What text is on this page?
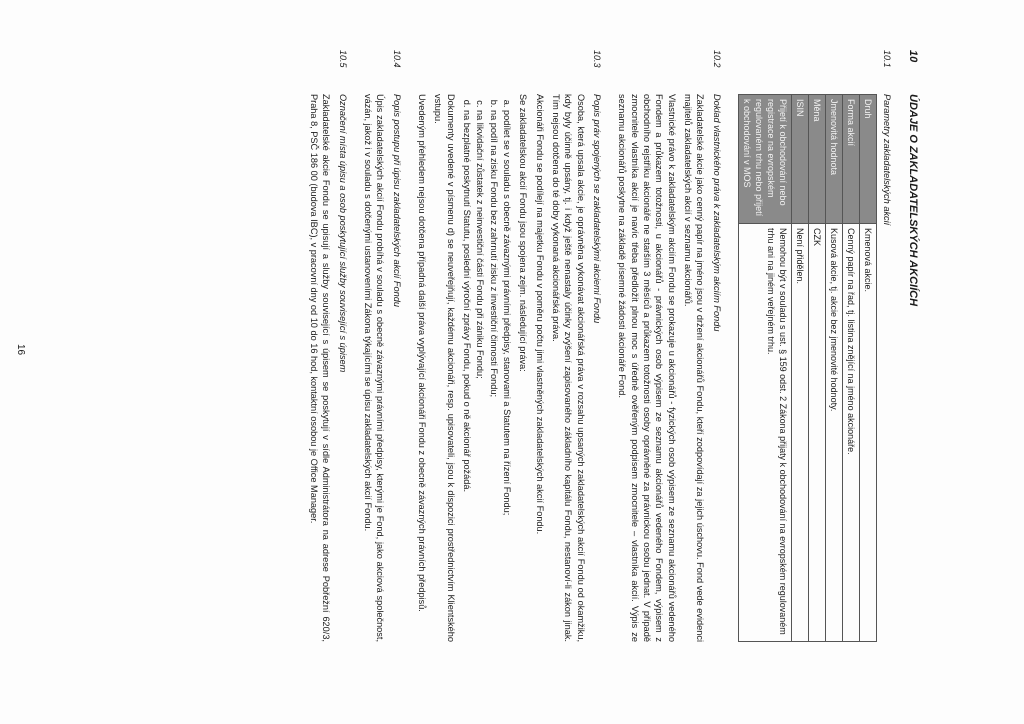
10
ÚDAJE O ZAKLADATELSKÝCH AKCIÍCH
10.1
Parametry zakladatelských akcií
Druh	Kmenová akcie.
Forma akcií	Cenný papír na řad, tj. listina znějící na jméno akcionáře.
Jmenovitá hodnota	Kusová akcie, tj. akcie bez jmenovité hodnoty.
Měna	CZK
ISIN	Není přidělen.
Přijetí k obchodování nebo registrace na evropském regulovaném trhu nebo přijetí k obchodování v MOS	Nemohou být v souladu s ust. § 159 odst. 2 Zákona přijaty k obchodování na evropském regulovaném trhu ani na jiném veřejném trhu.
10.2
Doklad vlastnického práva k zakladatelským akciím Fondu

Zakladatelské akcie jako cenný papír na jméno jsou v držení akcionářů Fondu, kteří zodpovídají za jejich úschovu. Fond vede evidenci majitelů zakladatelských akcií v seznamu akcionářů.

Vlastnické právo k zakladatelským akciím Fondu se prokazuje u akcionářů - fyzických osob výpisem ze seznamu akcionářů vedeného Fondem a průkazem totožnosti, u akcionářů - právnických osob výpisem ze seznamu akcionářů vedeného Fondem, výpisem z obchodního rejstříku akcionáře ne starším 3 měsíců a průkazem totožnosti osoby oprávněné za právnickou osobu jednat. V případě zmocnitele vlastníka akcií je navíc třeba předložit plnou moc s úředně ověřeným podpisem zmocnitele – vlastníka akcií. Výpis ze seznamu akcionářů poskytne na základě písemné žádosti akcionáře Fond.

10.3
Popis práv spojených se zakladatelskými akciemi Fondu

Osoba, která upsala akcie, je oprávněna vykonávat akcionářská práva v rozsahu upsaných zakladatelských akcií Fondu od okamžiku, kdy byly účinně upsány, tj. i když ještě nenastaly účinky zvýšení zapisovaného základního kapitálu Fondu, nestanoví-li zákon jinak. Tím nejsou dotčena do té doby vykonaná akcionářská práva.

Akcionáři Fondu se podílejí na majetku Fondu v poměru počtu jimi vlastněných zakladatelských akcií Fondu.

Se zakladatelskou akcií Fondu jsou spojena zejm. následující práva:

a. podílet se v souladu s obecně závaznými právními předpisy, stanovami a Statutem na řízení Fondu;
b. na podíl na zisku Fondu bez zahrnutí zisku z investiční činnosti Fondu;
c. na likvidační zůstatek z neinvestiční části Fondu při zániku Fondu;
d. na bezplatné poskytnutí Statutu, poslední výroční zprávy Fondu, pokud o ně akcionář požádá.

Dokumenty uvedené v písmenu d) se neuveřejňují, každému akcionáři, resp. upisovateli, jsou k dispozici prostřednictvím Klientského vstupu.

Uvedeným přehledem nejsou dotčena případná další práva vyplývající akcionáři Fondu z obecně závazných právních předpisů.

10.4
Popis postupu při úpisu zakladatelských akcií Fondu

Úpis zakladatelských akcií Fondu probíhá v souladu s obecně závaznými právními předpisy, kterými je Fond, jako akciová společnost, vázán, jakož i v souladu s dotčenými ustanoveními Zákona týkajícími se úpisu zakladatelských akcií Fondu.

10.5
Označení místa úpisu a osob poskytující služby související s úpisem

Zakladatelské akcie Fondu se upisují a služby související s úpisem se poskytují v sídle Administrátora na adrese Pobřežní 620/3, Praha 8, PSČ 186 00 (budova IBC), v pracovní dny od 10 do 16 hod, kontaktní osobou je Office Manager.

16
